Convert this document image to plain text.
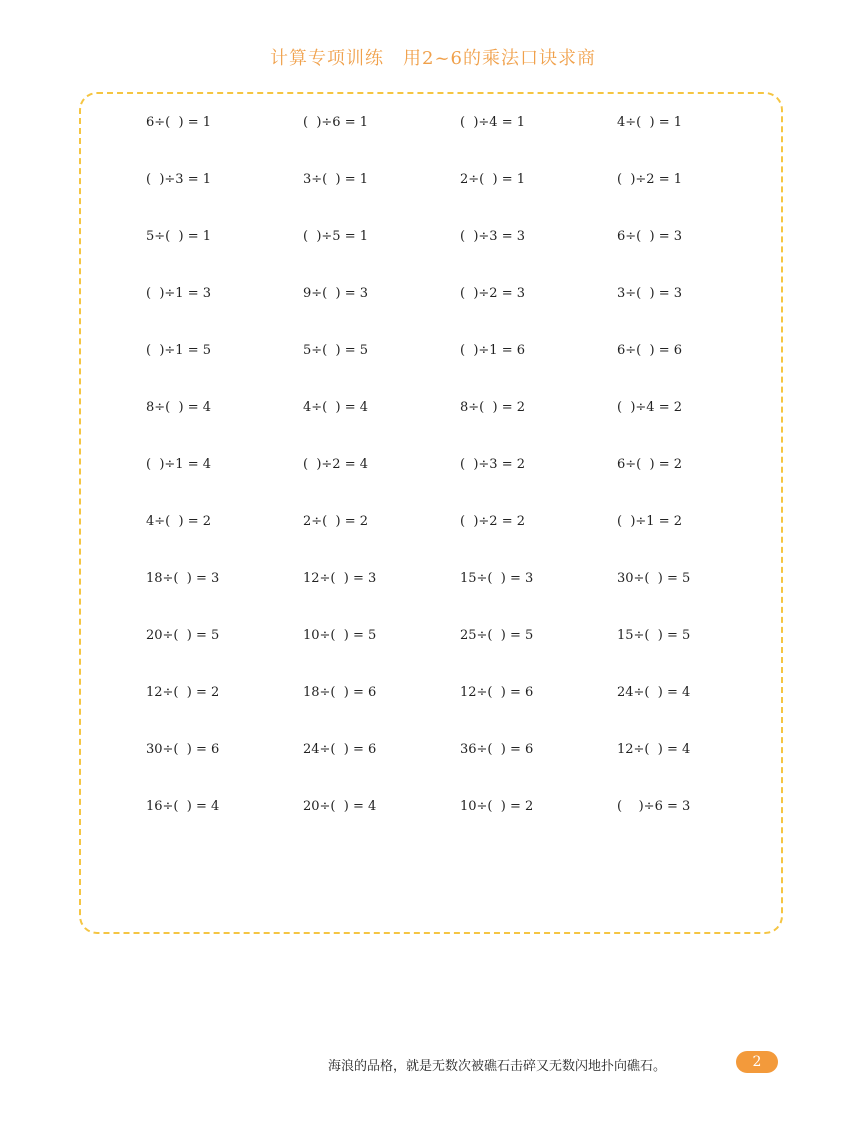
计算专项训练　用2~6的乘法口诀求商
6÷(  ) = 1	(  )÷6 = 1	(  )÷4 = 1	4÷(  ) = 1
(  )÷3 = 1	3÷(  ) = 1	2÷(  ) = 1	(  )÷2 = 1
5÷(  ) = 1	(  )÷5 = 1	(  )÷3 = 3	6÷(  ) = 3
(  )÷1 = 3	9÷(  ) = 3	(  )÷2 = 3	3÷(  ) = 3
(  )÷1 = 5	5÷(  ) = 5	(  )÷1 = 6	6÷(  ) = 6
8÷(  ) = 4	4÷(  ) = 4	8÷(  ) = 2	(  )÷4 = 2
(  )÷1 = 4	(  )÷2 = 4	(  )÷3 = 2	6÷(  ) = 2
4÷(  ) = 2	2÷(  ) = 2	(  )÷2 = 2	(  )÷1 = 2
18÷(  ) = 3	12÷(  ) = 3	15÷(  ) = 3	30÷(  ) = 5
20÷(  ) = 5	10÷(  ) = 5	25÷(  ) = 5	15÷(  ) = 5
12÷(  ) = 2	18÷(  ) = 6	12÷(  ) = 6	24÷(  ) = 4
30÷(  ) = 6	24÷(  ) = 6	36÷(  ) = 6	12÷(  ) = 4
16÷(  ) = 4	20÷(  ) = 4	10÷(  ) = 2	(    )÷6 = 3
海浪的品格，就是无数次被礁石击碎又无数闪地扑向礁石。	2
